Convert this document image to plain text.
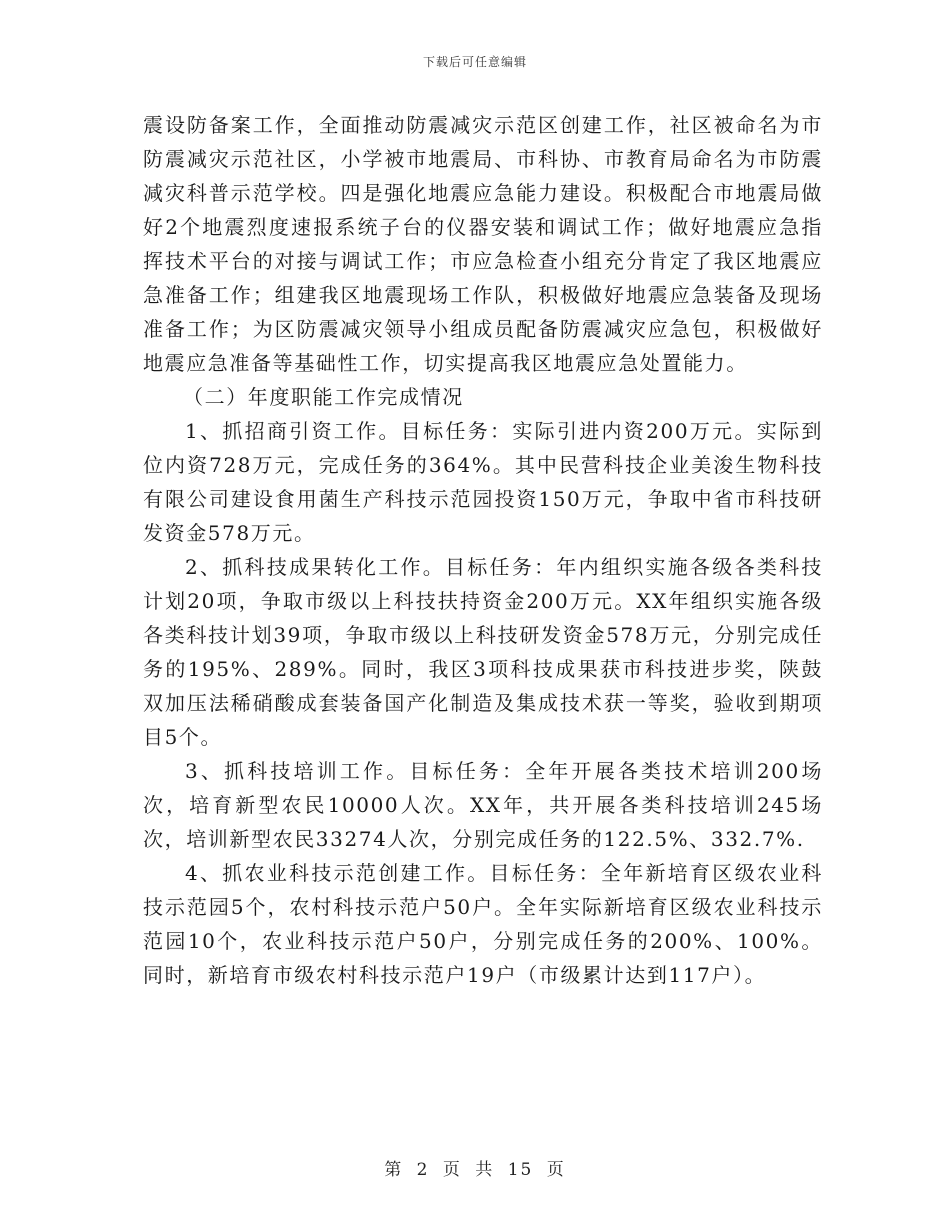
下载后可任意编辑

震设防备案工作，全面推动防震减灾示范区创建工作，社区被命名为市防震减灾示范社区，小学被市地震局、市科协、市教育局命名为市防震减灾科普示范学校。四是强化地震应急能力建设。积极配合市地震局做好2个地震烈度速报系统子台的仪器安装和调试工作；做好地震应急指挥技术平台的对接与调试工作；市应急检查小组充分肯定了我区地震应急准备工作；组建我区地震现场工作队，积极做好地震应急装备及现场准备工作；为区防震减灾领导小组成员配备防震减灾应急包，积极做好地震应急准备等基础性工作，切实提高我区地震应急处置能力。

（二）年度职能工作完成情况

1、抓招商引资工作。目标任务：实际引进内资200万元。实际到位内资728万元，完成任务的364%。其中民营科技企业美浚生物科技有限公司建设食用菌生产科技示范园投资150万元，争取中省市科技研发资金578万元。

2、抓科技成果转化工作。目标任务：年内组织实施各级各类科技计划20项，争取市级以上科技扶持资金200万元。XX年组织实施各级各类科技计划39项，争取市级以上科技研发资金578万元，分别完成任务的195%、289%。同时，我区3项科技成果获市科技进步奖，陕鼓双加压法稀硝酸成套装备国产化制造及集成技术获一等奖，验收到期项目5个。

3、抓科技培训工作。目标任务：全年开展各类技术培训200场次，培育新型农民10000人次。XX年，共开展各类科技培训245场次，培训新型农民33274人次，分别完成任务的122.5%、332.7%.

4、抓农业科技示范创建工作。目标任务：全年新培育区级农业科技示范园5个，农村科技示范户50户。全年实际新培育区级农业科技示范园10个，农业科技示范户50户，分别完成任务的200%、100%。同时，新培育市级农村科技示范户19户（市级累计达到117户）。

第 2 页 共 15 页
